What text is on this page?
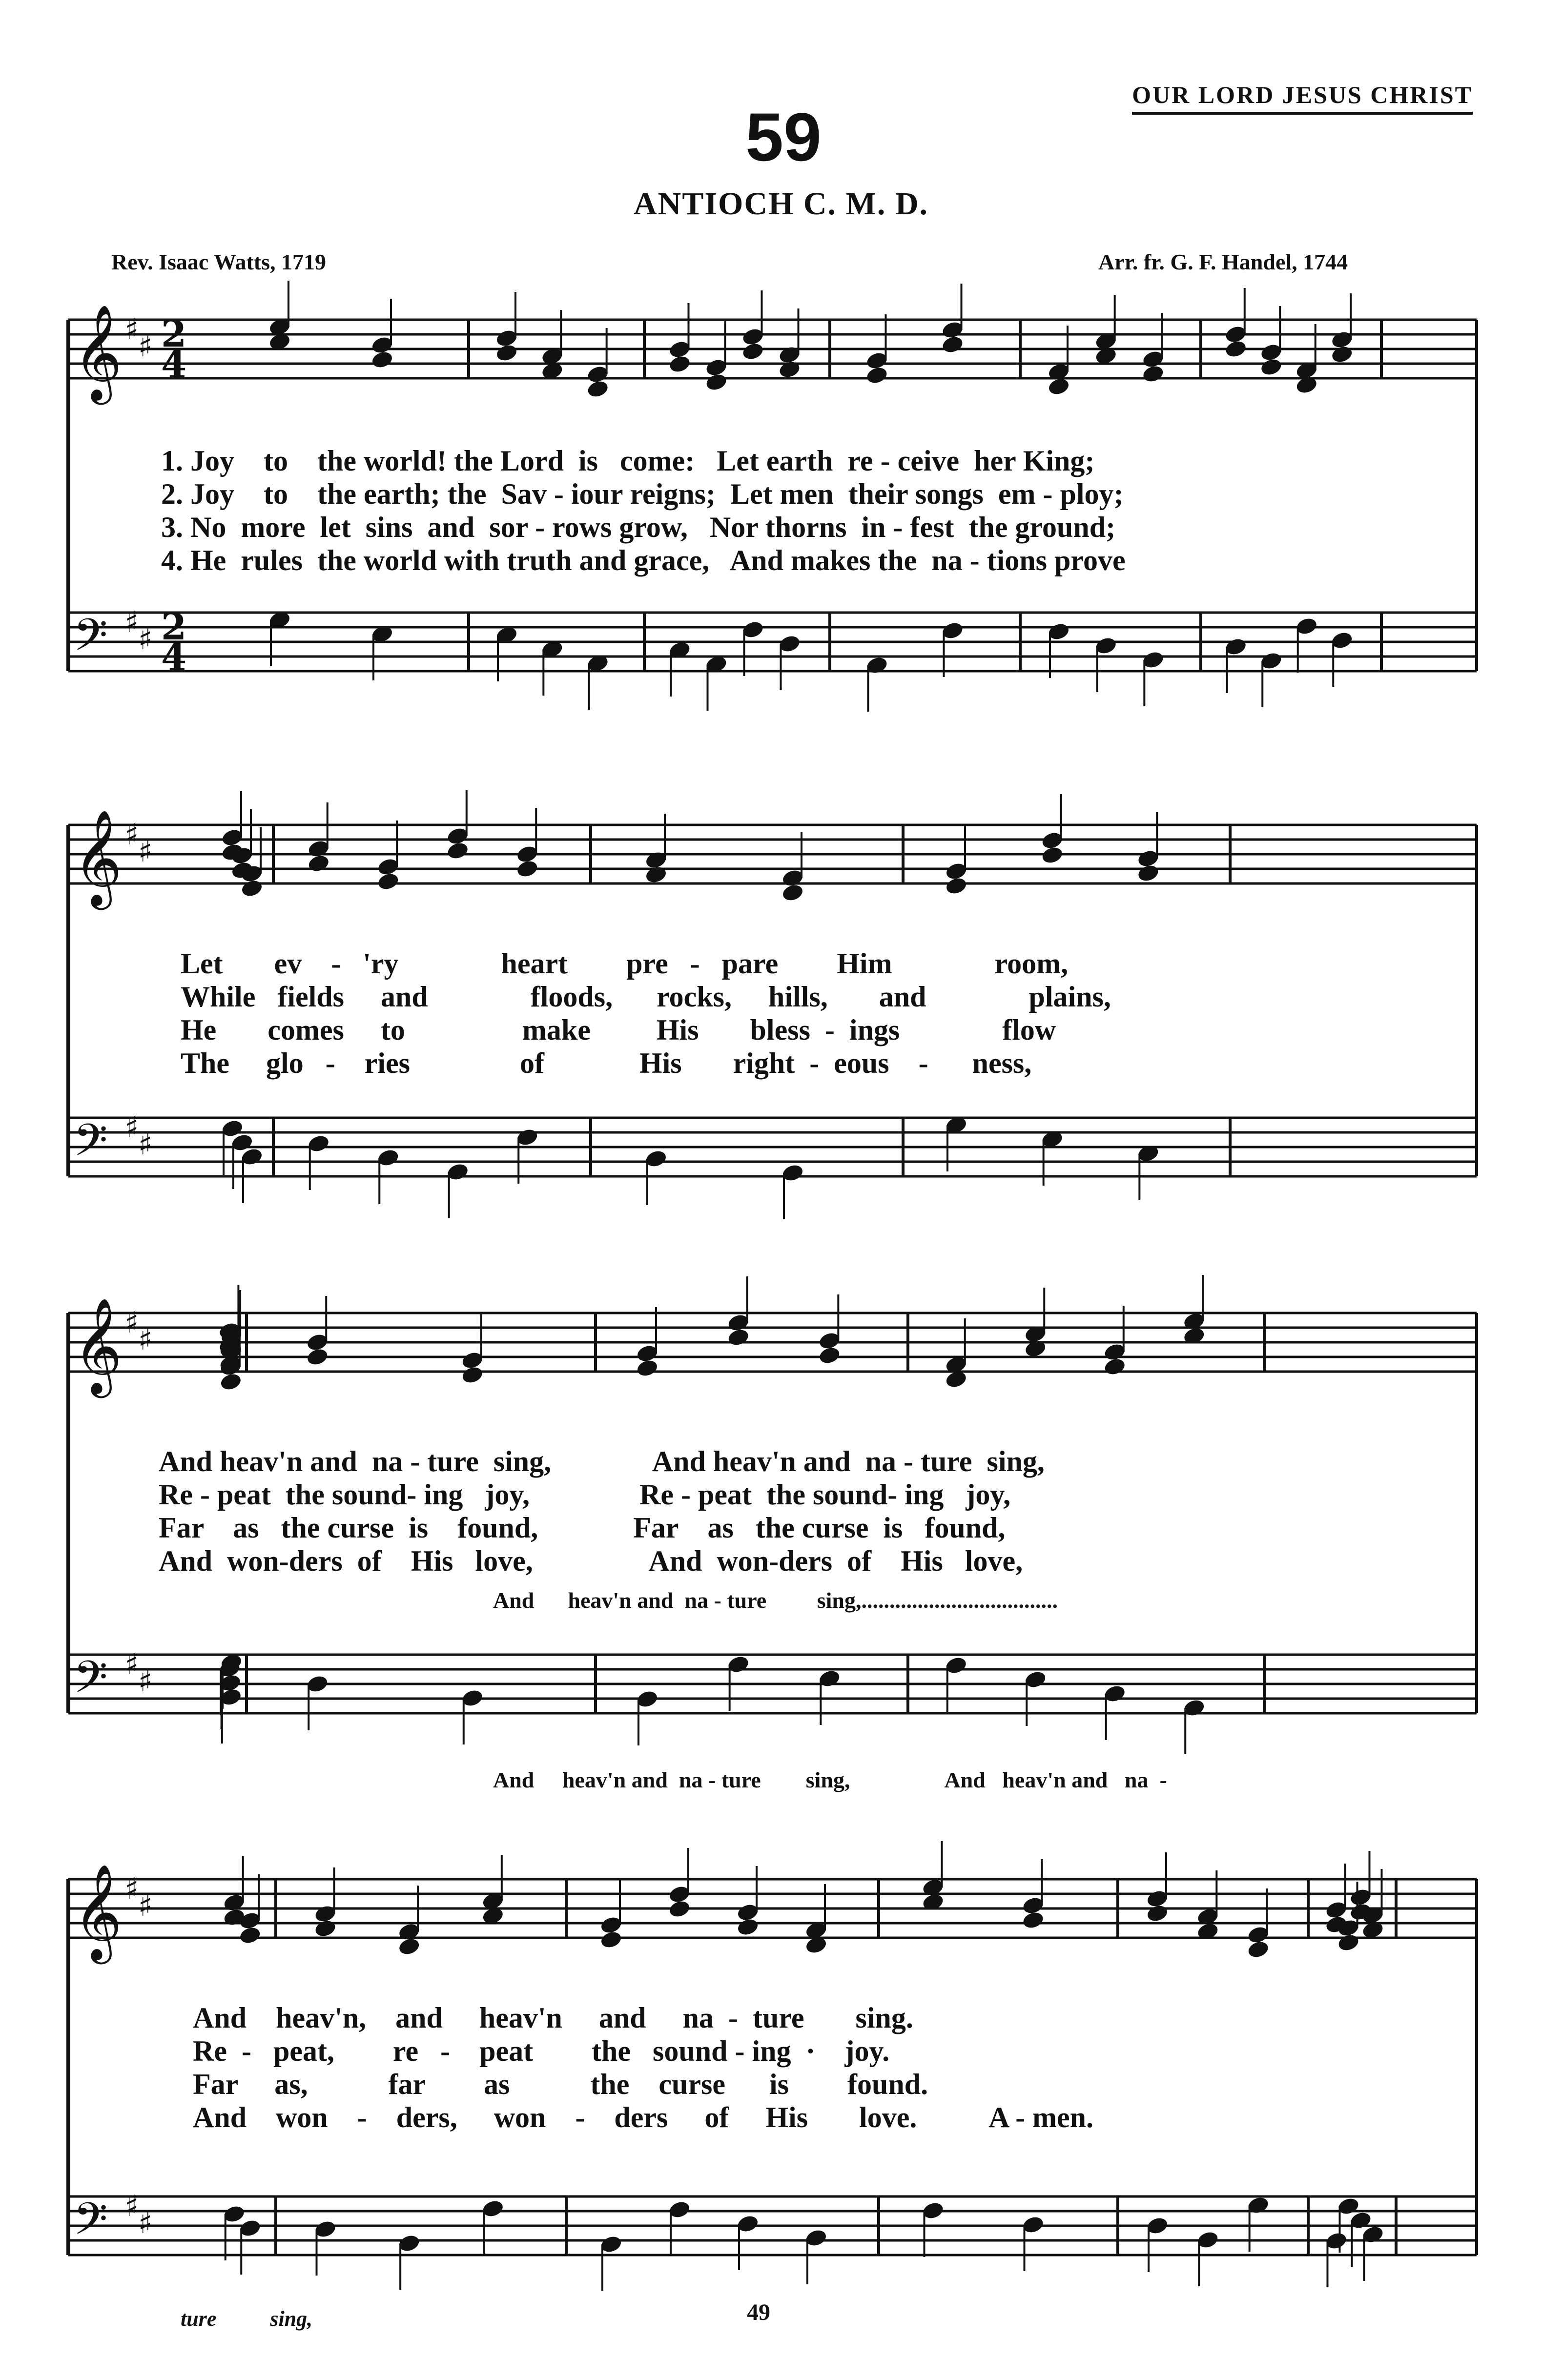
OUR LORD JESUS CHRIST
59
ANTIOCH C. M. D.
Rev. Isaac Watts, 1719	Arr. fr. G. F. Handel, 1744
𝄞 ♯
♯
𝄢 ♯
♯
𝄞 ♯
♯
𝄢 ♯
♯
𝄞 ♯
♯
𝄢 ♯
♯
𝄞 ♯
♯
𝄢 ♯
♯
2
4
2
4
1. Joy    to    the world! the Lord  is   come:   Let earth  re - ceive  her King;
2. Joy    to    the earth; the  Sav - iour reigns;  Let men  their songs  em - ploy;
3. No  more  let  sins  and  sor - rows grow,   Nor thorns  in - fest  the ground;
4. He  rules  the world with truth and grace,   And makes the  na - tions prove
Let       ev    -   'ry              heart        pre   -   pare        Him              room,
While   fields     and              floods,      rocks,     hills,       and              plains,
He       comes     to                make         His       bless  -  ings              flow
The     glo   -    ries               of             His       right  -  eous    -      ness,
And heav'n and  na - ture  sing,              And heav'n and  na - ture  sing,
Re - peat  the sound- ing   joy,               Re - peat  the sound- ing   joy,
Far    as   the curse  is    found,             Far    as   the curse  is   found,
And  won-ders  of    His   love,                And  won-ders  of    His   love,
And      heav'n and  na - ture         sing,...................................
And     heav'n and  na - ture        sing,                 And   heav'n and   na  -
And    heav'n,    and     heav'n     and     na  -  ture       sing.
Re  -   peat,        re   -    peat        the   sound - ing  ·    joy.
Far     as,           far        as           the    curse      is        found.
And    won    -    ders,     won    -    ders     of     His       love.          A - men.
ture          sing,	49
